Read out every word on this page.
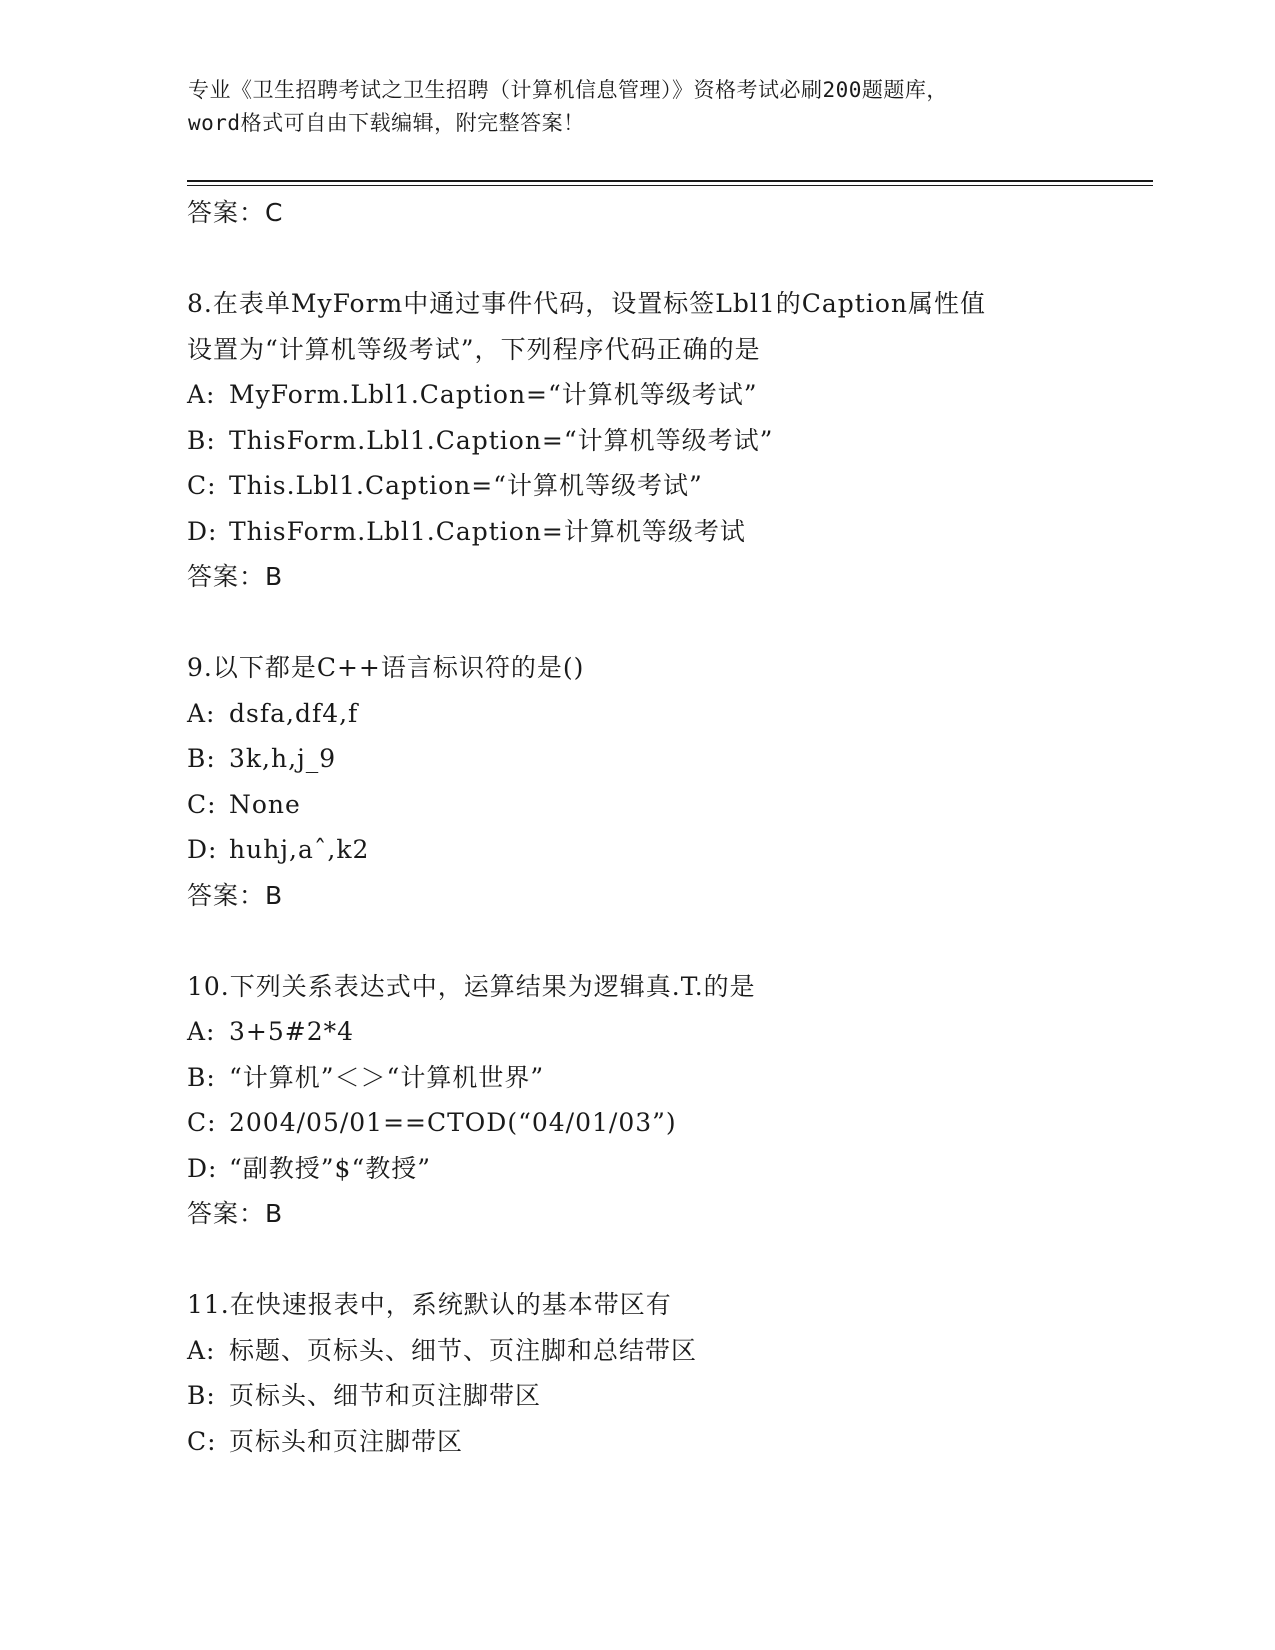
专业《卫生招聘考试之卫生招聘（计算机信息管理）》资格考试必刷200题题库，
word格式可自由下载编辑，附完整答案！
答案：C
8.在表单MyForm中通过事件代码，设置标签Lbl1的Caption属性值
设置为“计算机等级考试”，下列程序代码正确的是
A: MyForm.Lbl1.Caption=“计算机等级考试”
B: ThisForm.Lbl1.Caption=“计算机等级考试”
C: This.Lbl1.Caption=“计算机等级考试”
D: ThisForm.Lbl1.Caption=计算机等级考试
答案：B
9.以下都是C++语言标识符的是()
A: dsfa,df4,f
B: 3k,h,j_9
C: None
D: huhj,aˆ,k2
答案：B
10.下列关系表达式中，运算结果为逻辑真.T.的是
A: 3+5#2*4
B: “计算机”＜＞“计算机世界”
C: 2004/05/01==CTOD(“04/01/03”)
D: “副教授”$“教授”
答案：B
11.在快速报表中，系统默认的基本带区有
A: 标题、页标头、细节、页注脚和总结带区
B: 页标头、细节和页注脚带区
C: 页标头和页注脚带区
